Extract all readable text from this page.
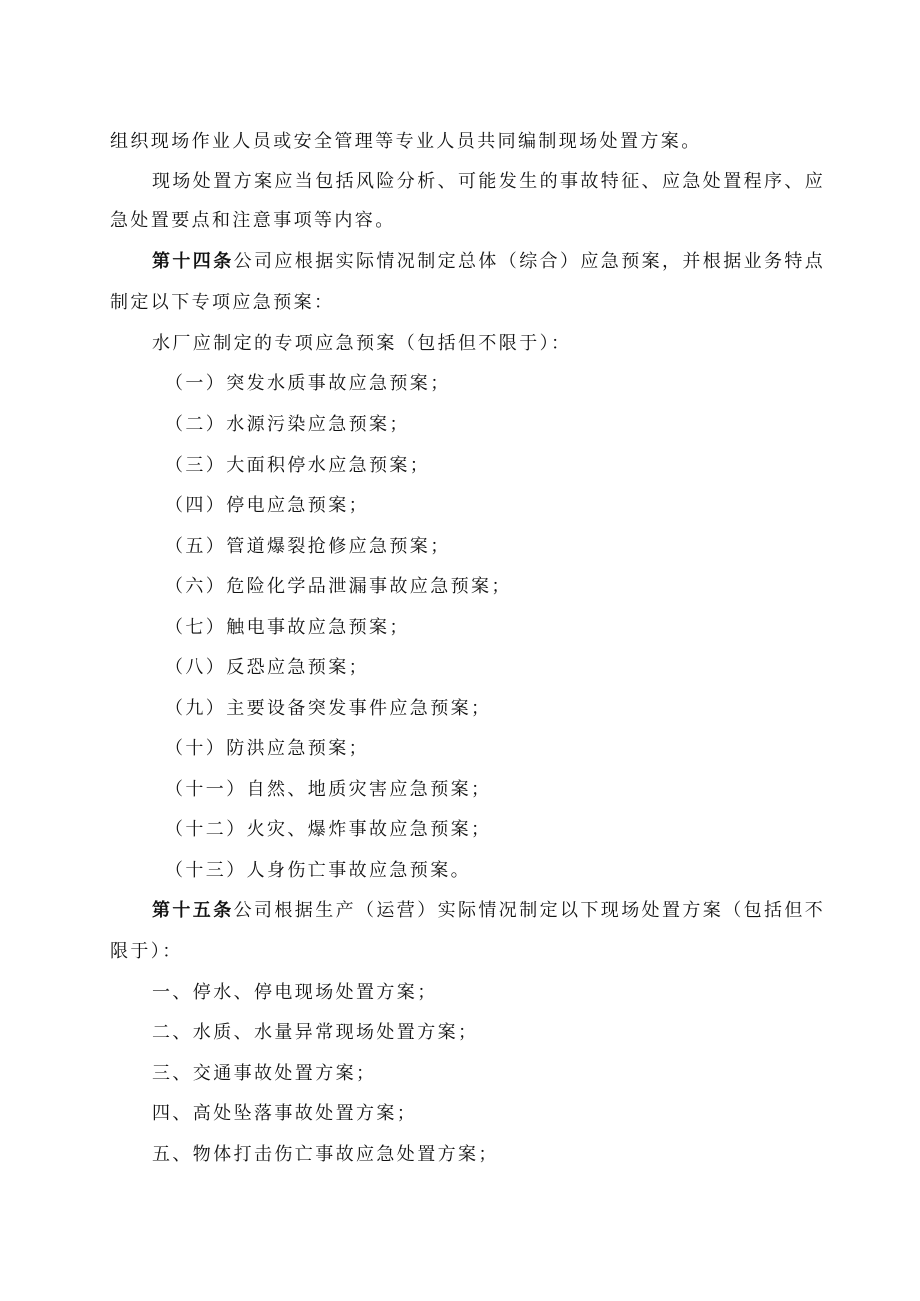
组织现场作业人员或安全管理等专业人员共同编制现场处置方案。
现场处置方案应当包括风险分析、可能发生的事故特征、应急处置程序、应
急处置要点和注意事项等内容。
第十四条公司应根据实际情况制定总体（综合）应急预案，并根据业务特点
制定以下专项应急预案：
水厂应制定的专项应急预案（包括但不限于）：
（一）突发水质事故应急预案；
（二）水源污染应急预案；
（三）大面积停水应急预案；
（四）停电应急预案；
（五）管道爆裂抢修应急预案；
（六）危险化学品泄漏事故应急预案；
（七）触电事故应急预案；
（八）反恐应急预案；
（九）主要设备突发事件应急预案；
（十）防洪应急预案；
（十一）自然、地质灾害应急预案；
（十二）火灾、爆炸事故应急预案；
（十三）人身伤亡事故应急预案。
第十五条公司根据生产（运营）实际情况制定以下现场处置方案（包括但不
限于）：
一、停水、停电现场处置方案；
二、水质、水量异常现场处置方案；
三、交通事故处置方案；
四、高处坠落事故处置方案；
五、物体打击伤亡事故应急处置方案；
